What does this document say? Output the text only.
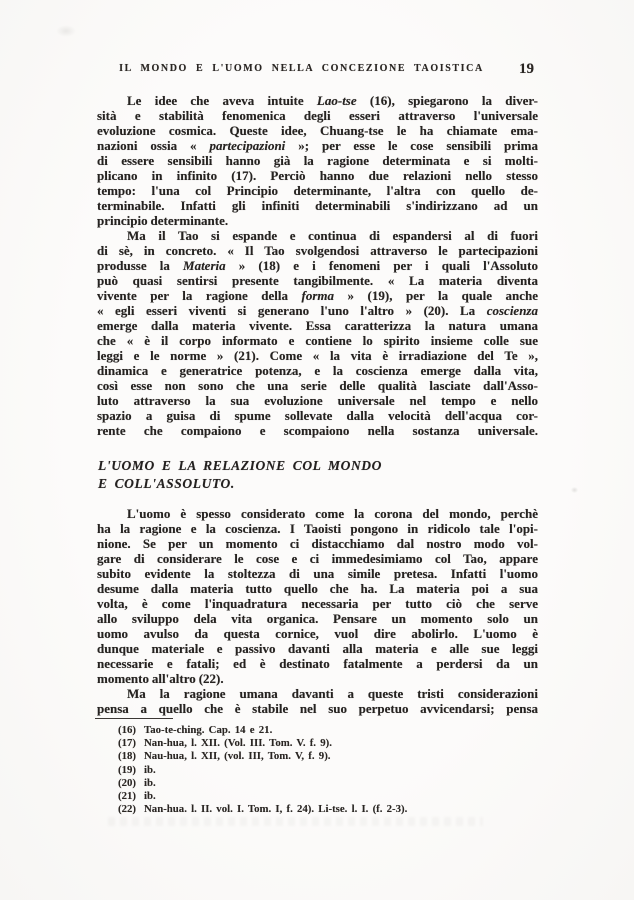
IL MONDO E L'UOMO NELLA CONCEZIONE TAOISTICA	19
Le idee che aveva intuite Lao-tse (16), spiegarono la diver-
sità e stabilità fenomenica degli esseri attraverso l'universale
evoluzione cosmica. Queste idee, Chuang-tse le ha chiamate ema-
nazioni ossia « partecipazioni »; per esse le cose sensibili prima
di essere sensibili hanno già la ragione determinata e si molti-
plicano in infinito (17). Perciò hanno due relazioni nello stesso
tempo: l'una col Principio determinante, l'altra con quello de-
terminabile. Infatti gli infiniti determinabili s'indirizzano ad un
principio determinante.
Ma il Tao si espande e continua di espandersi al di fuori
di sè, in concreto. « Il Tao svolgendosi attraverso le partecipazioni
produsse la Materia » (18) e i fenomeni per i quali l'Assoluto
può quasi sentirsi presente tangibilmente. « La materia diventa
vivente per la ragione della forma » (19), per la quale anche
« egli esseri viventi si generano l'uno l'altro » (20). La coscienza
emerge dalla materia vivente. Essa caratterizza la natura umana
che « è il corpo informato e contiene lo spirito insieme colle sue
leggi e le norme » (21). Come « la vita è irradiazione del Te »,
dinamica e generatrice potenza, e la coscienza emerge dalla vita,
così esse non sono che una serie delle qualità lasciate dall'Asso-
luto attraverso la sua evoluzione universale nel tempo e nello
spazio a guisa di spume sollevate dalla velocità dell'acqua cor-
rente che compaiono e scompaiono nella sostanza universale.
L'UOMO E LA RELAZIONE COL MONDO
E COLL'ASSOLUTO.
L'uomo è spesso considerato come la corona del mondo, perchè
ha la ragione e la coscienza. I Taoisti pongono in ridicolo tale l'opi-
nione. Se per un momento ci distacchiamo dal nostro modo vol-
gare di considerare le cose e ci immedesimiamo col Tao, appare
subito evidente la stoltezza di una simile pretesa. Infatti l'uomo
desume dalla materia tutto quello che ha. La materia poi a sua
volta, è come l'inquadratura necessaria per tutto ciò che serve
allo sviluppo dela vita organica. Pensare un momento solo un
uomo avulso da questa cornice, vuol dire abolirlo. L'uomo è
dunque materiale e passivo davanti alla materia e alle sue leggi
necessarie e fatali; ed è destinato fatalmente a perdersi da un
momento all'altro (22).
Ma la ragione umana davanti a queste tristi considerazioni
pensa a quello che è stabile nel suo perpetuo avvicendarsi; pensa
(16) Tao-te-ching. Cap. 14 e 21.
(17) Nan-hua, l. XII. (Vol. III. Tom. V. f. 9).
(18) Nau-hua, l. XII, (vol. III, Tom. V, f. 9).
(19) ib.
(20) ib.
(21) ib.
(22) Nan-hua. l. II. vol. I. Tom. I, f. 24). Li-tse. l. I. (f. 2-3).
